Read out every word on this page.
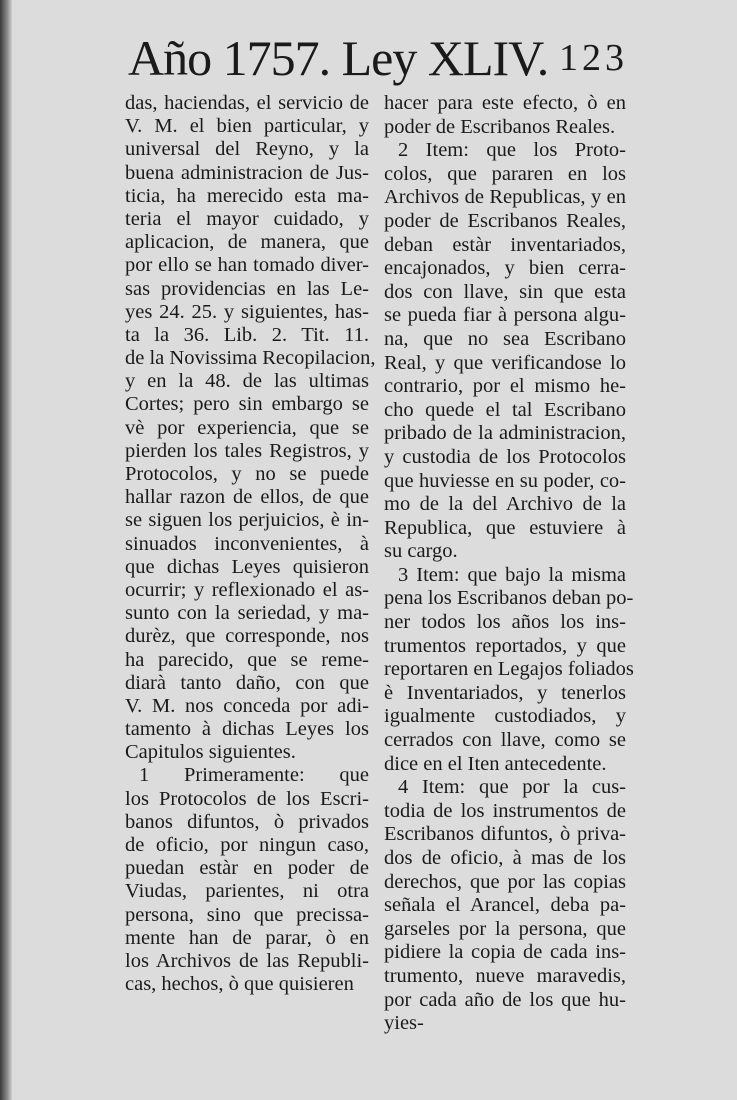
Año 1757. Ley XLIV. 123
das, haciendas, el servicio de
V. M. el bien particular, y
universal del Reyno, y la
buena administracion de Jus-
ticia, ha merecido esta ma-
teria el mayor cuidado, y
aplicacion, de manera, que
por ello se han tomado diver-
sas providencias en las Le-
yes 24. 25. y siguientes, has-
ta la 36. Lib. 2. Tit. 11.
de la Novissima Recopilacion,
y en la 48. de las ultimas
Cortes; pero sin embargo se
vè por experiencia, que se
pierden los tales Registros, y
Protocolos, y no se puede
hallar razon de ellos, de que
se siguen los perjuicios, è in-
sinuados inconvenientes, à
que dichas Leyes quisieron
ocurrir; y reflexionado el as-
sunto con la seriedad, y ma-
durèz, que corresponde, nos
ha parecido, que se reme-
diarà tanto daño, con que
V. M. nos conceda por adi-
tamento à dichas Leyes los
Capitulos siguientes.
1 Primeramente: que
los Protocolos de los Escri-
banos difuntos, ò privados
de oficio, por ningun caso,
puedan estàr en poder de
Viudas, parientes, ni otra
persona, sino que precissa-
mente han de parar, ò en
los Archivos de las Republi-
cas, hechos, ò que quisieren
hacer para este efecto, ò en
poder de Escribanos Reales.
2 Item: que los Proto-
colos, que pararen en los
Archivos de Republicas, y en
poder de Escribanos Reales,
deban estàr inventariados,
encajonados, y bien cerra-
dos con llave, sin que esta
se pueda fiar à persona algu-
na, que no sea Escribano
Real, y que verificandose lo
contrario, por el mismo he-
cho quede el tal Escribano
pribado de la administracion,
y custodia de los Protocolos
que huviesse en su poder, co-
mo de la del Archivo de la
Republica, que estuviere à
su cargo.
3 Item: que bajo la misma
pena los Escribanos deban po-
ner todos los años los ins-
trumentos reportados, y que
reportaren en Legajos foliados
è Inventariados, y tenerlos
igualmente custodiados, y
cerrados con llave, como se
dice en el Iten antecedente.
4 Item: que por la cus-
todia de los instrumentos de
Escribanos difuntos, ò priva-
dos de oficio, à mas de los
derechos, que por las copias
señala el Arancel, deba pa-
garseles por la persona, que
pidiere la copia de cada ins-
trumento, nueve maravedis,
por cada año de los que hu-
yies-
